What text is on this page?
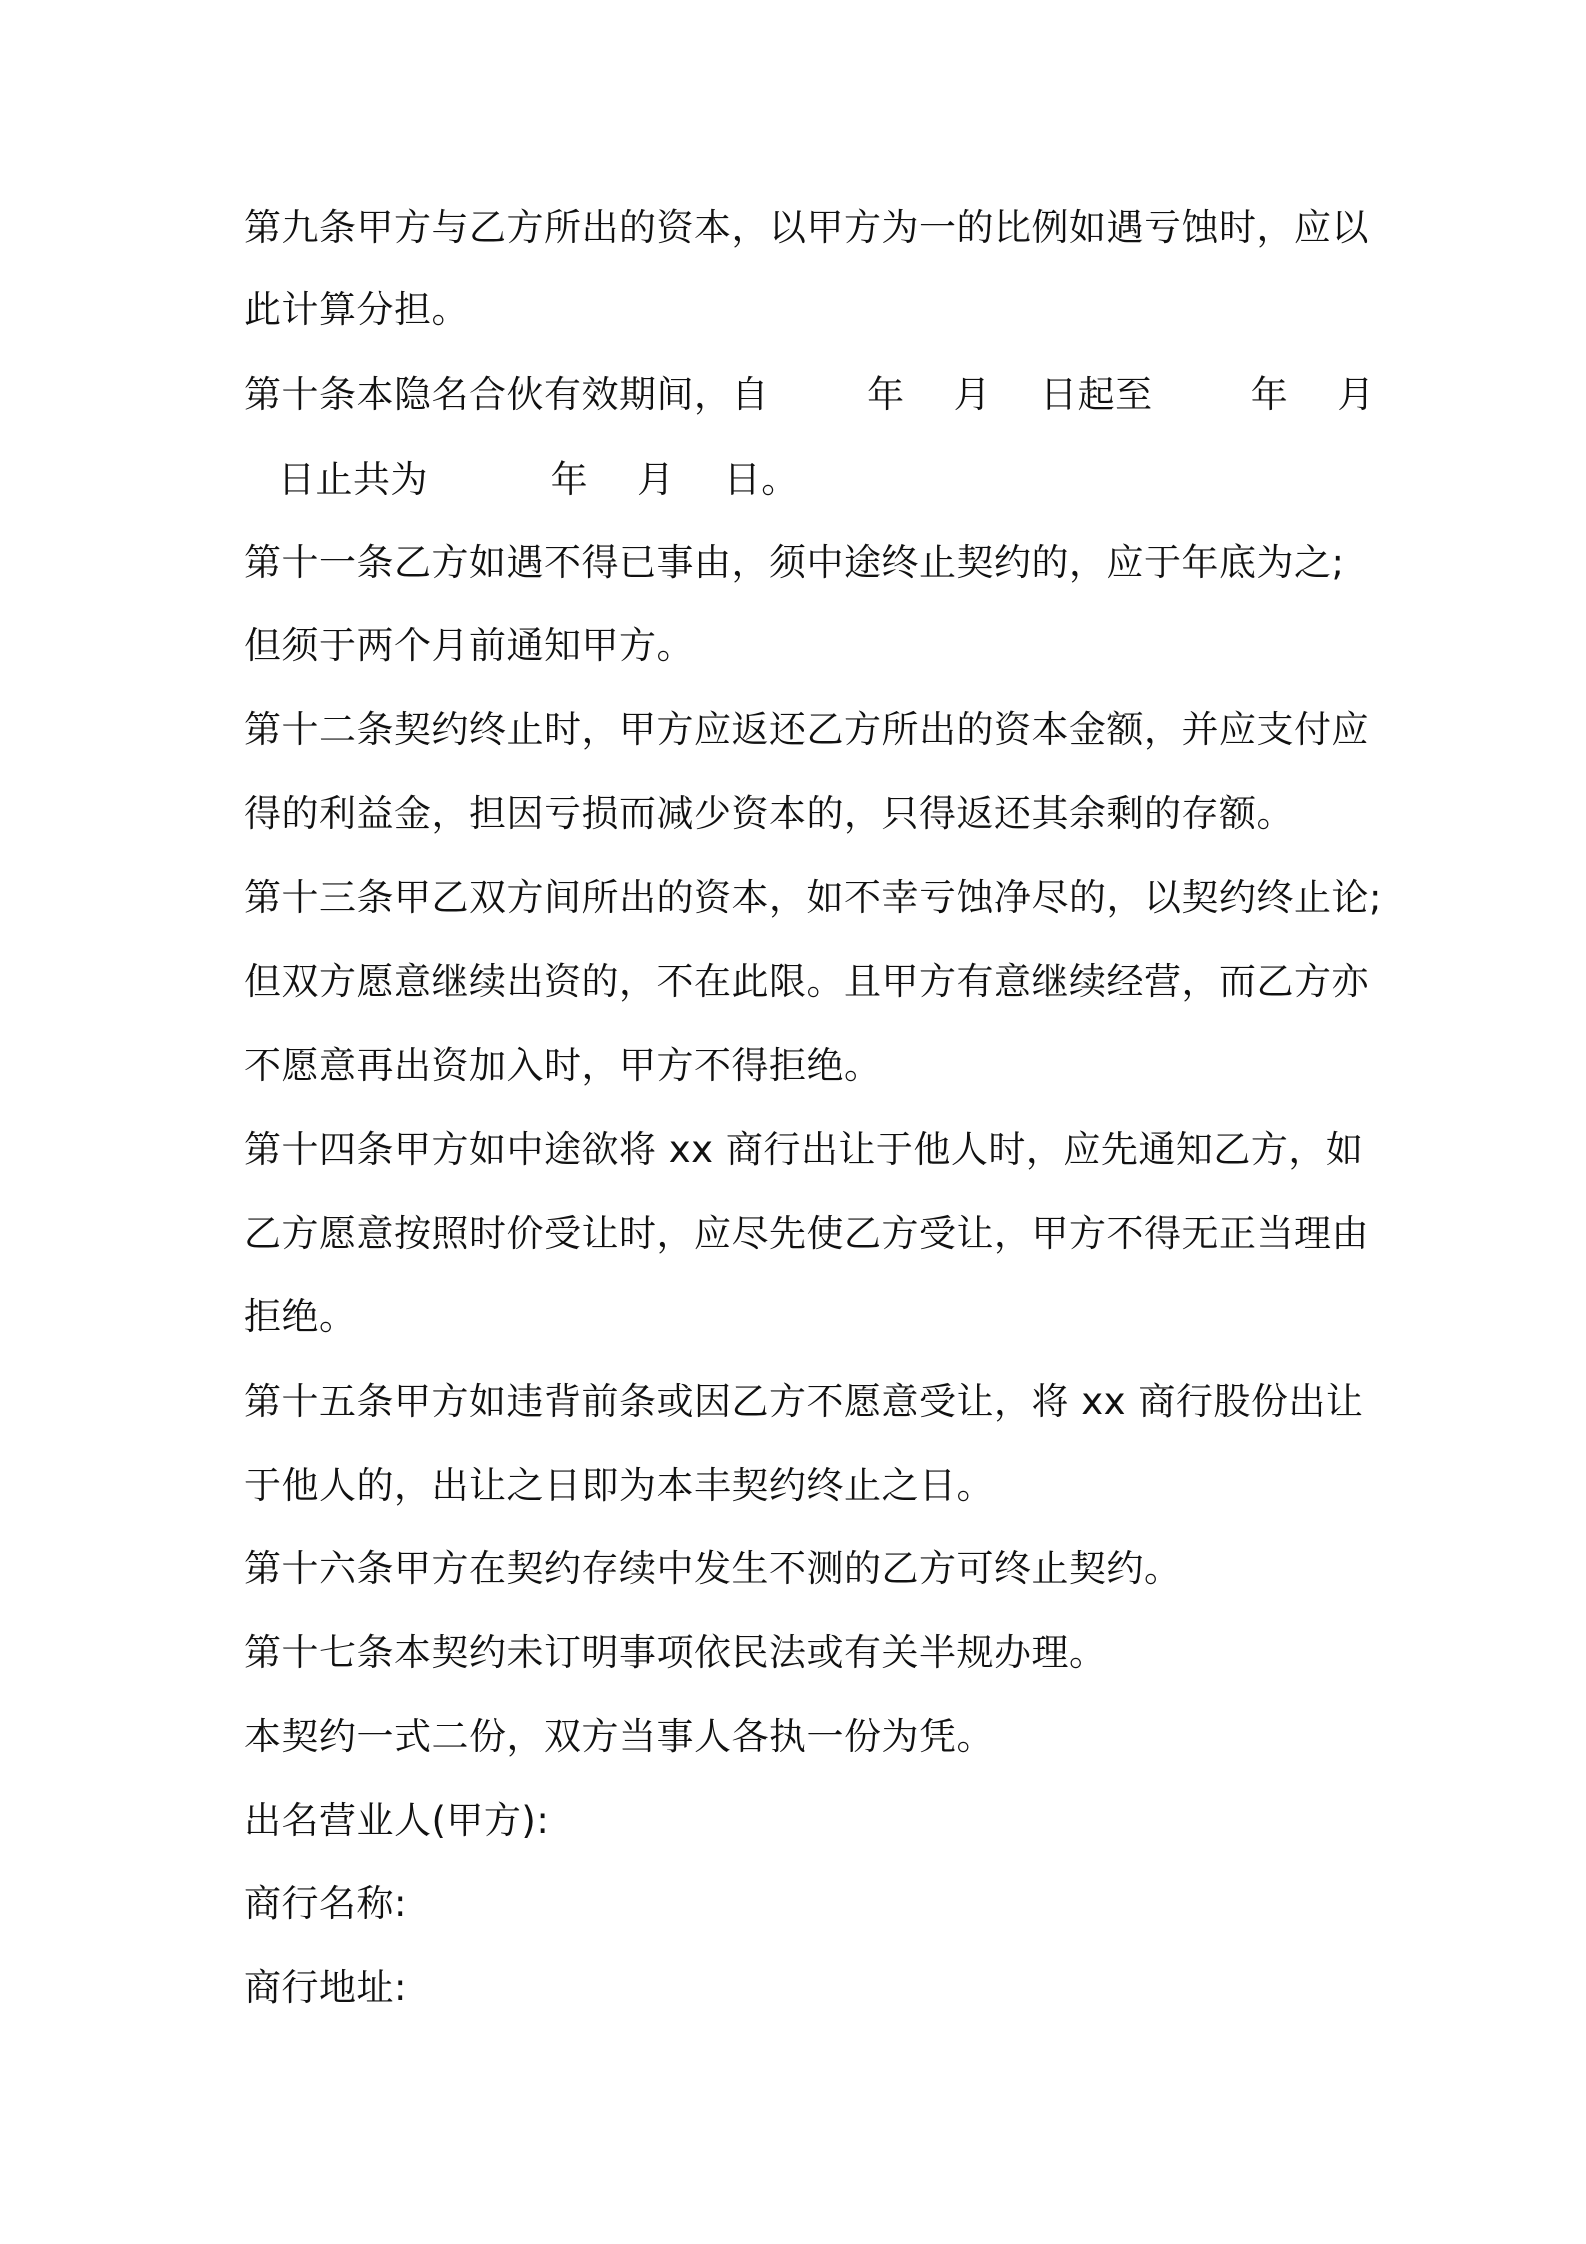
第九条甲方与乙方所出的资本，以甲方为一的比例如遇亏蚀时，应以
此计算分担。
第十条本隐名合伙有效期间，自        年    月    日起至        年    月
日止共为          年    月    日。
第十一条乙方如遇不得已事由，须中途终止契约的，应于年底为之;
但须于两个月前通知甲方。
第十二条契约终止时，甲方应返还乙方所出的资本金额，并应支付应
得的利益金，担因亏损而减少资本的，只得返还其余剩的存额。
第十三条甲乙双方间所出的资本，如不幸亏蚀净尽的，以契约终止论;
但双方愿意继续出资的，不在此限。且甲方有意继续经营，而乙方亦
不愿意再出资加入时，甲方不得拒绝。
第十四条甲方如中途欲将 xx 商行出让于他人时，应先通知乙方，如
乙方愿意按照时价受让时，应尽先使乙方受让，甲方不得无正当理由
拒绝。
第十五条甲方如违背前条或因乙方不愿意受让，将 xx 商行股份出让
于他人的，出让之日即为本丰契约终止之日。
第十六条甲方在契约存续中发生不测的乙方可终止契约。
第十七条本契约未订明事项依民法或有关半规办理。
本契约一式二份，双方当事人各执一份为凭。
出名营业人(甲方):
商行名称:
商行地址:
